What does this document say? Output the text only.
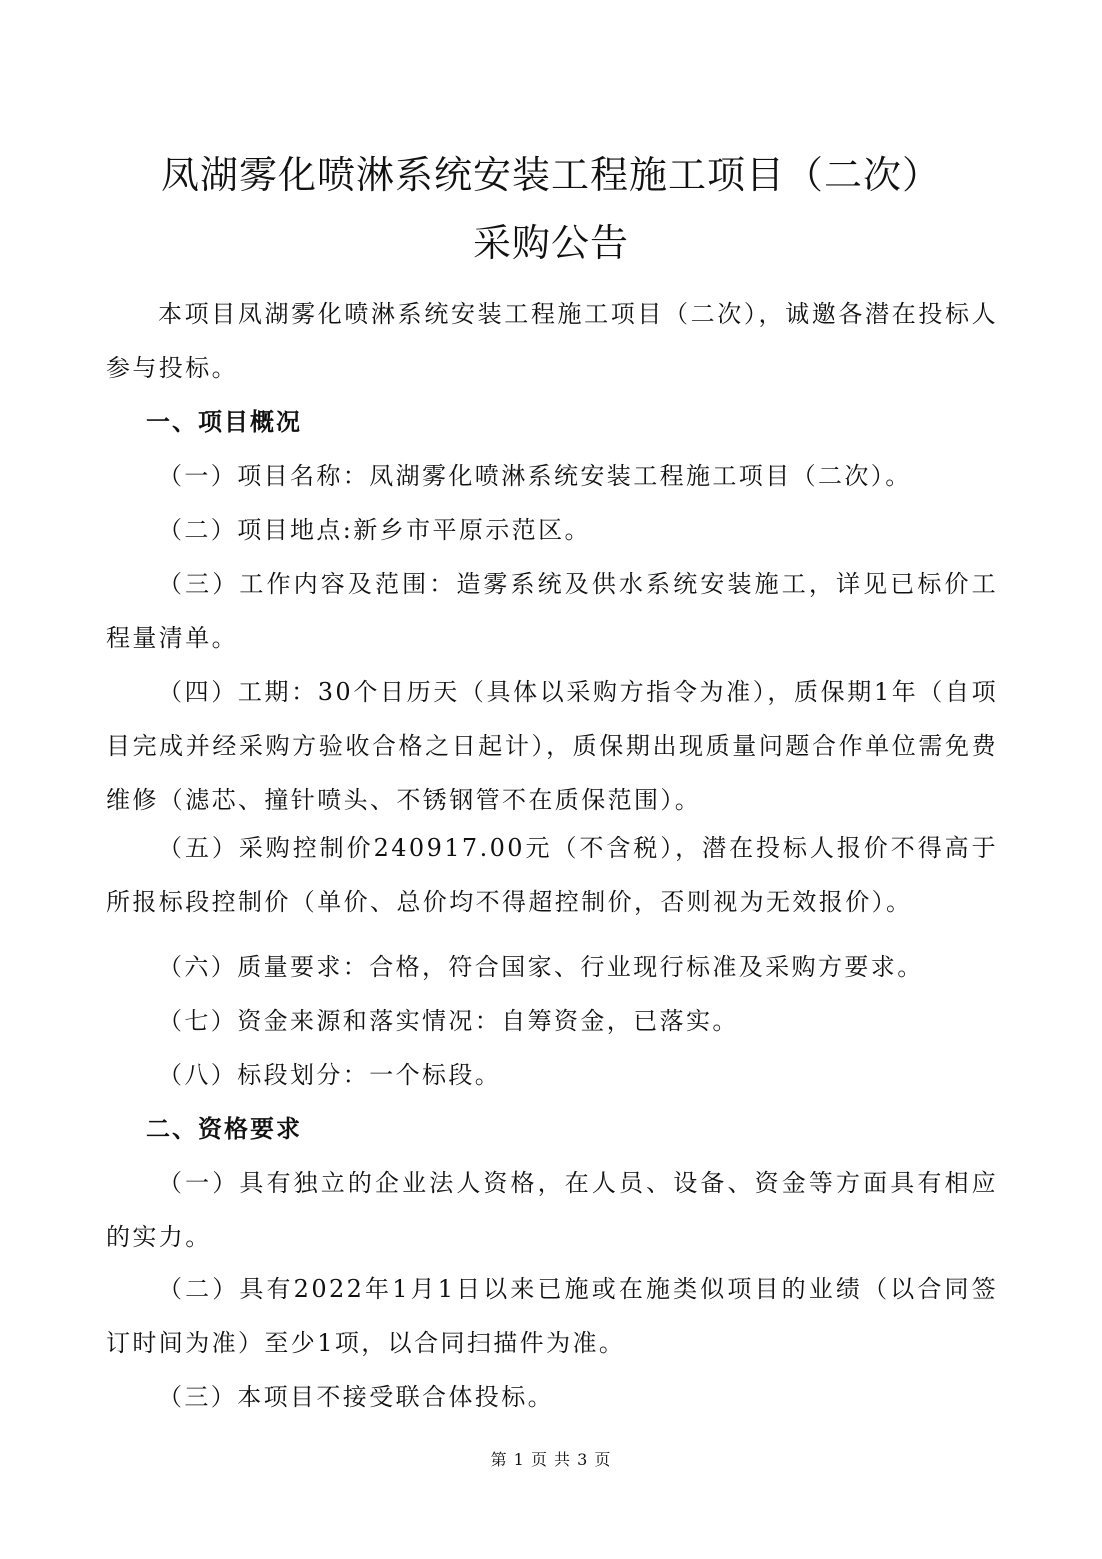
凤湖雾化喷淋系统安装工程施工项目（二次）
采购公告

本项目凤湖雾化喷淋系统安装工程施工项目（二次），诚邀各潜在投标人参与投标。

一、项目概况

（一）项目名称：凤湖雾化喷淋系统安装工程施工项目（二次）。

（二）项目地点:新乡市平原示范区。

（三）工作内容及范围：造雾系统及供水系统安装施工，详见已标价工程量清单。

（四）工期：30个日历天（具体以采购方指令为准），质保期1年（自项目完成并经采购方验收合格之日起计），质保期出现质量问题合作单位需免费维修（滤芯、撞针喷头、不锈钢管不在质保范围）。

（五）采购控制价240917.00元（不含税），潜在投标人报价不得高于所报标段控制价（单价、总价均不得超控制价，否则视为无效报价）。

（六）质量要求：合格，符合国家、行业现行标准及采购方要求。

（七）资金来源和落实情况：自筹资金，已落实。

（八）标段划分：一个标段。

二、资格要求

（一）具有独立的企业法人资格，在人员、设备、资金等方面具有相应的实力。

（二）具有2022年1月1日以来已施或在施类似项目的业绩（以合同签订时间为准）至少1项，以合同扫描件为准。

（三）本项目不接受联合体投标。

第 1 页 共 3 页
